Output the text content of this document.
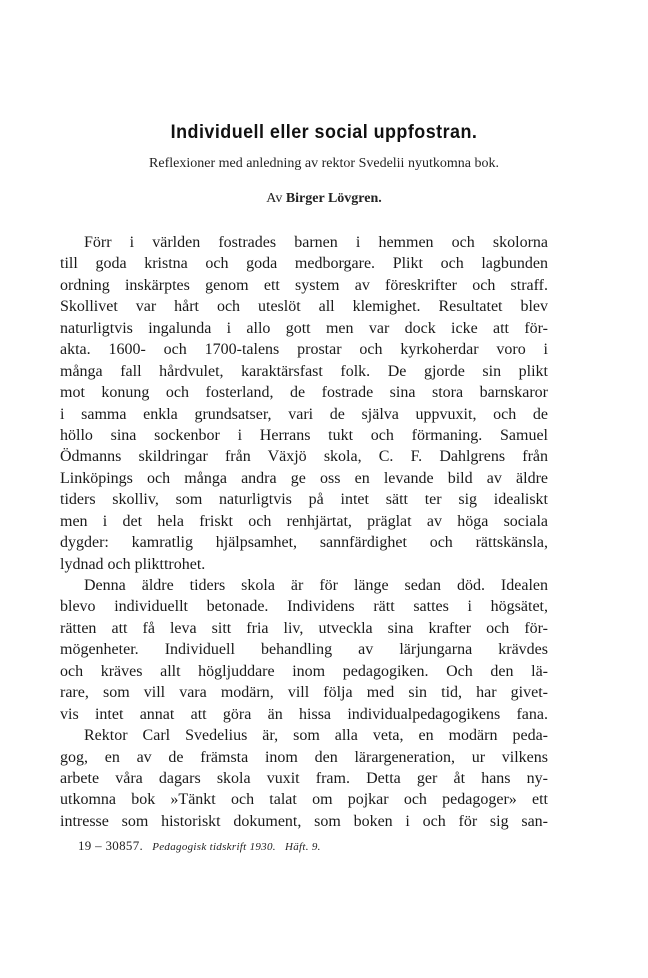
Individuell eller social uppfostran.
Reflexioner med anledning av rektor Svedelii nyutkomna bok.
Av Birger Lövgren.
Förr i världen fostrades barnen i hemmen och skolorna
till goda kristna och goda medborgare. Plikt och lagbunden
ordning inskärptes genom ett system av föreskrifter och straff.
Skollivet var hårt och uteslöt all klemighet. Resultatet blev
naturligtvis ingalunda i allo gott men var dock icke att för-
akta. 1600- och 1700-talens prostar och kyrkoherdar voro i
många fall hårdvulet, karaktärsfast folk. De gjorde sin plikt
mot konung och fosterland, de fostrade sina stora barnskaror
i samma enkla grundsatser, vari de själva uppvuxit, och de
höllo sina sockenbor i Herrans tukt och förmaning. Samuel
Ödmanns skildringar från Växjö skola, C. F. Dahlgrens från
Linköpings och många andra ge oss en levande bild av äldre
tiders skolliv, som naturligtvis på intet sätt ter sig idealiskt
men i det hela friskt och renhjärtat, präglat av höga sociala
dygder: kamratlig hjälpsamhet, sannfärdighet och rättskänsla,
lydnad och plikttrohet.
Denna äldre tiders skola är för länge sedan död. Idealen
blevo individuellt betonade. Individens rätt sattes i högsätet,
rätten att få leva sitt fria liv, utveckla sina krafter och för-
mögenheter. Individuell behandling av lärjungarna krävdes
och kräves allt högljuddare inom pedagogiken. Och den lä-
rare, som vill vara modärn, vill följa med sin tid, har givet-
vis intet annat att göra än hissa individualpedagogikens fana.
Rektor Carl Svedelius är, som alla veta, en modärn peda-
gog, en av de främsta inom den lärargeneration, ur vilkens
arbete våra dagars skola vuxit fram. Detta ger åt hans ny-
utkomna bok »Tänkt och talat om pojkar och pedagoger» ett
intresse som historiskt dokument, som boken i och för sig san-
19 – 30857. Pedagogisk tidskrift 1930. Häft. 9.
